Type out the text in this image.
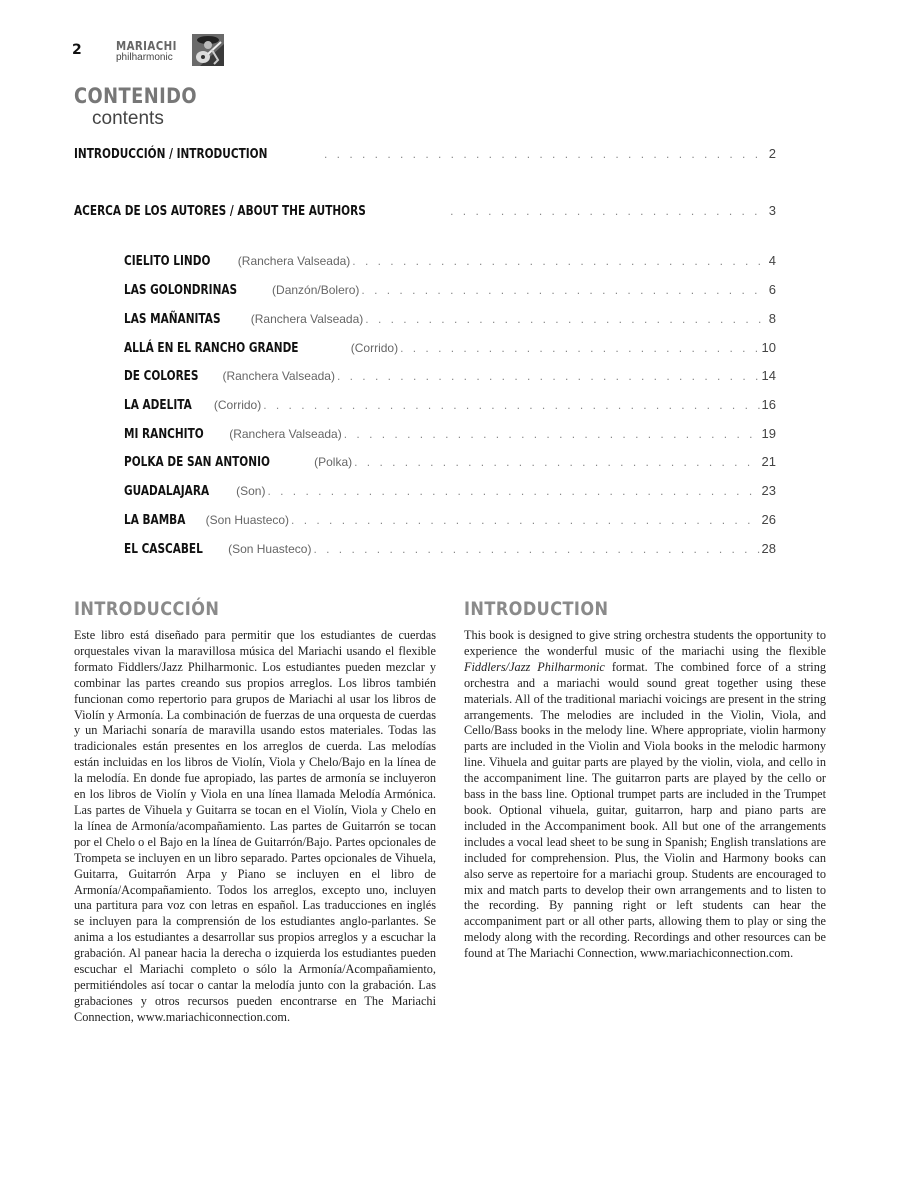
2	MARIACHI
philharmonic
CONTENIDO
contents
INTRODUCCIÓN / INTRODUCTION . . .	2
ACERCA DE LOS AUTORES / ABOUT THE AUTHORS . . .	3
CIELITO LINDO (Ranchera Valseada) . . .	4
LAS GOLONDRINAS	(Danzón/Bolero) . . .	6
LAS MAÑANITAS	(Ranchera Valseada) . . .	8
ALLÁ EN EL RANCHO GRANDE	(Corrido) . . .	10
DE COLORES (Ranchera Valseada) . . .	14
LA ADELITA (Corrido) . . .	16
MI RANCHITO (Ranchera Valseada) . . .	19
POLKA DE SAN ANTONIO	(Polka) . . .	21
GUADALAJARA (Son) . . .	23
LA BAMBA (Son Huasteco) . . .	26
EL CASCABEL (Son Huasteco) . . .	28
INTRODUCCIÓN
Este libro está diseñado para permitir que los estudiantes de cuerdas orquestales vivan la maravillosa música del Mariachi usando el flexible formato Fiddlers/Jazz Philharmonic. Los estudiantes pueden mezclar y combinar las partes creando sus propios arreglos. Los libros también funcionan como repertorio para grupos de Mariachi al usar los libros de Violín y Armonía. La combinación de fuerzas de una orquesta de cuerdas y un Mariachi sonaría de maravilla usando estos materiales. Todas las tradicionales están presentes en los arreglos de cuerda. Las melodías están incluidas en los libros de Violín, Viola y Chelo/Bajo en la línea de la melodía. En donde fue apropiado, las partes de armonía se incluyeron en los libros de Violín y Viola en una línea llamada Melodía Armónica. Las partes de Vihuela y Guitarra se tocan en el Violín, Viola y Chelo en la línea de Armonía/acompañamiento. Las partes de Guitarrón se tocan por el Chelo o el Bajo en la línea de Guitarrón/Bajo. Partes opcionales de Trompeta se incluyen en un libro separado. Partes opcionales de Vihuela, Guitarra, Guitarrón Arpa y Piano se incluyen en el libro de Armonía/Acompañamiento. Todos los arreglos, excepto uno, incluyen una partitura para voz con letras en español. Las traducciones en inglés se incluyen para la comprensión de los estudiantes anglo-parlantes. Se anima a los estudiantes a desarrollar sus propios arreglos y a escuchar la grabación. Al panear hacia la derecha o izquierda los estudiantes pueden escuchar el Mariachi completo o sólo la Armonía/Acompañamiento, permitiéndoles así tocar o cantar la melodía junto con la grabación. Las grabaciones y otros recursos pueden encontrarse en The Mariachi Connection, www.mariachiconnection.com.
INTRODUCTION
This book is designed to give string orchestra students the opportunity to experience the wonderful music of the mariachi using the flexible Fiddlers/Jazz Philharmonic format. The combined force of a string orchestra and a mariachi would sound great together using these materials. All of the traditional mariachi voicings are present in the string arrangements. The melodies are included in the Violin, Viola, and Cello/Bass books in the melody line. Where appropriate, violin harmony parts are included in the Violin and Viola books in the melodic harmony line. Vihuela and guitar parts are played by the violin, viola, and cello in the accompaniment line. The guitarron parts are played by the cello or bass in the bass line. Optional trumpet parts are included in the Trumpet book. Optional vihuela, guitar, guitarron, harp and piano parts are included in the Accompaniment book. All but one of the arrangements includes a vocal lead sheet to be sung in Spanish; English translations are included for comprehension. Plus, the Violin and Harmony books can also serve as repertoire for a mariachi group. Students are encouraged to mix and match parts to develop their own arrangements and to listen to the recording. By panning right or left students can hear the accompaniment part or all other parts, allowing them to play or sing the melody along with the recording. Recordings and other resources can be found at The Mariachi Connection, www.mariachiconnection.com.
